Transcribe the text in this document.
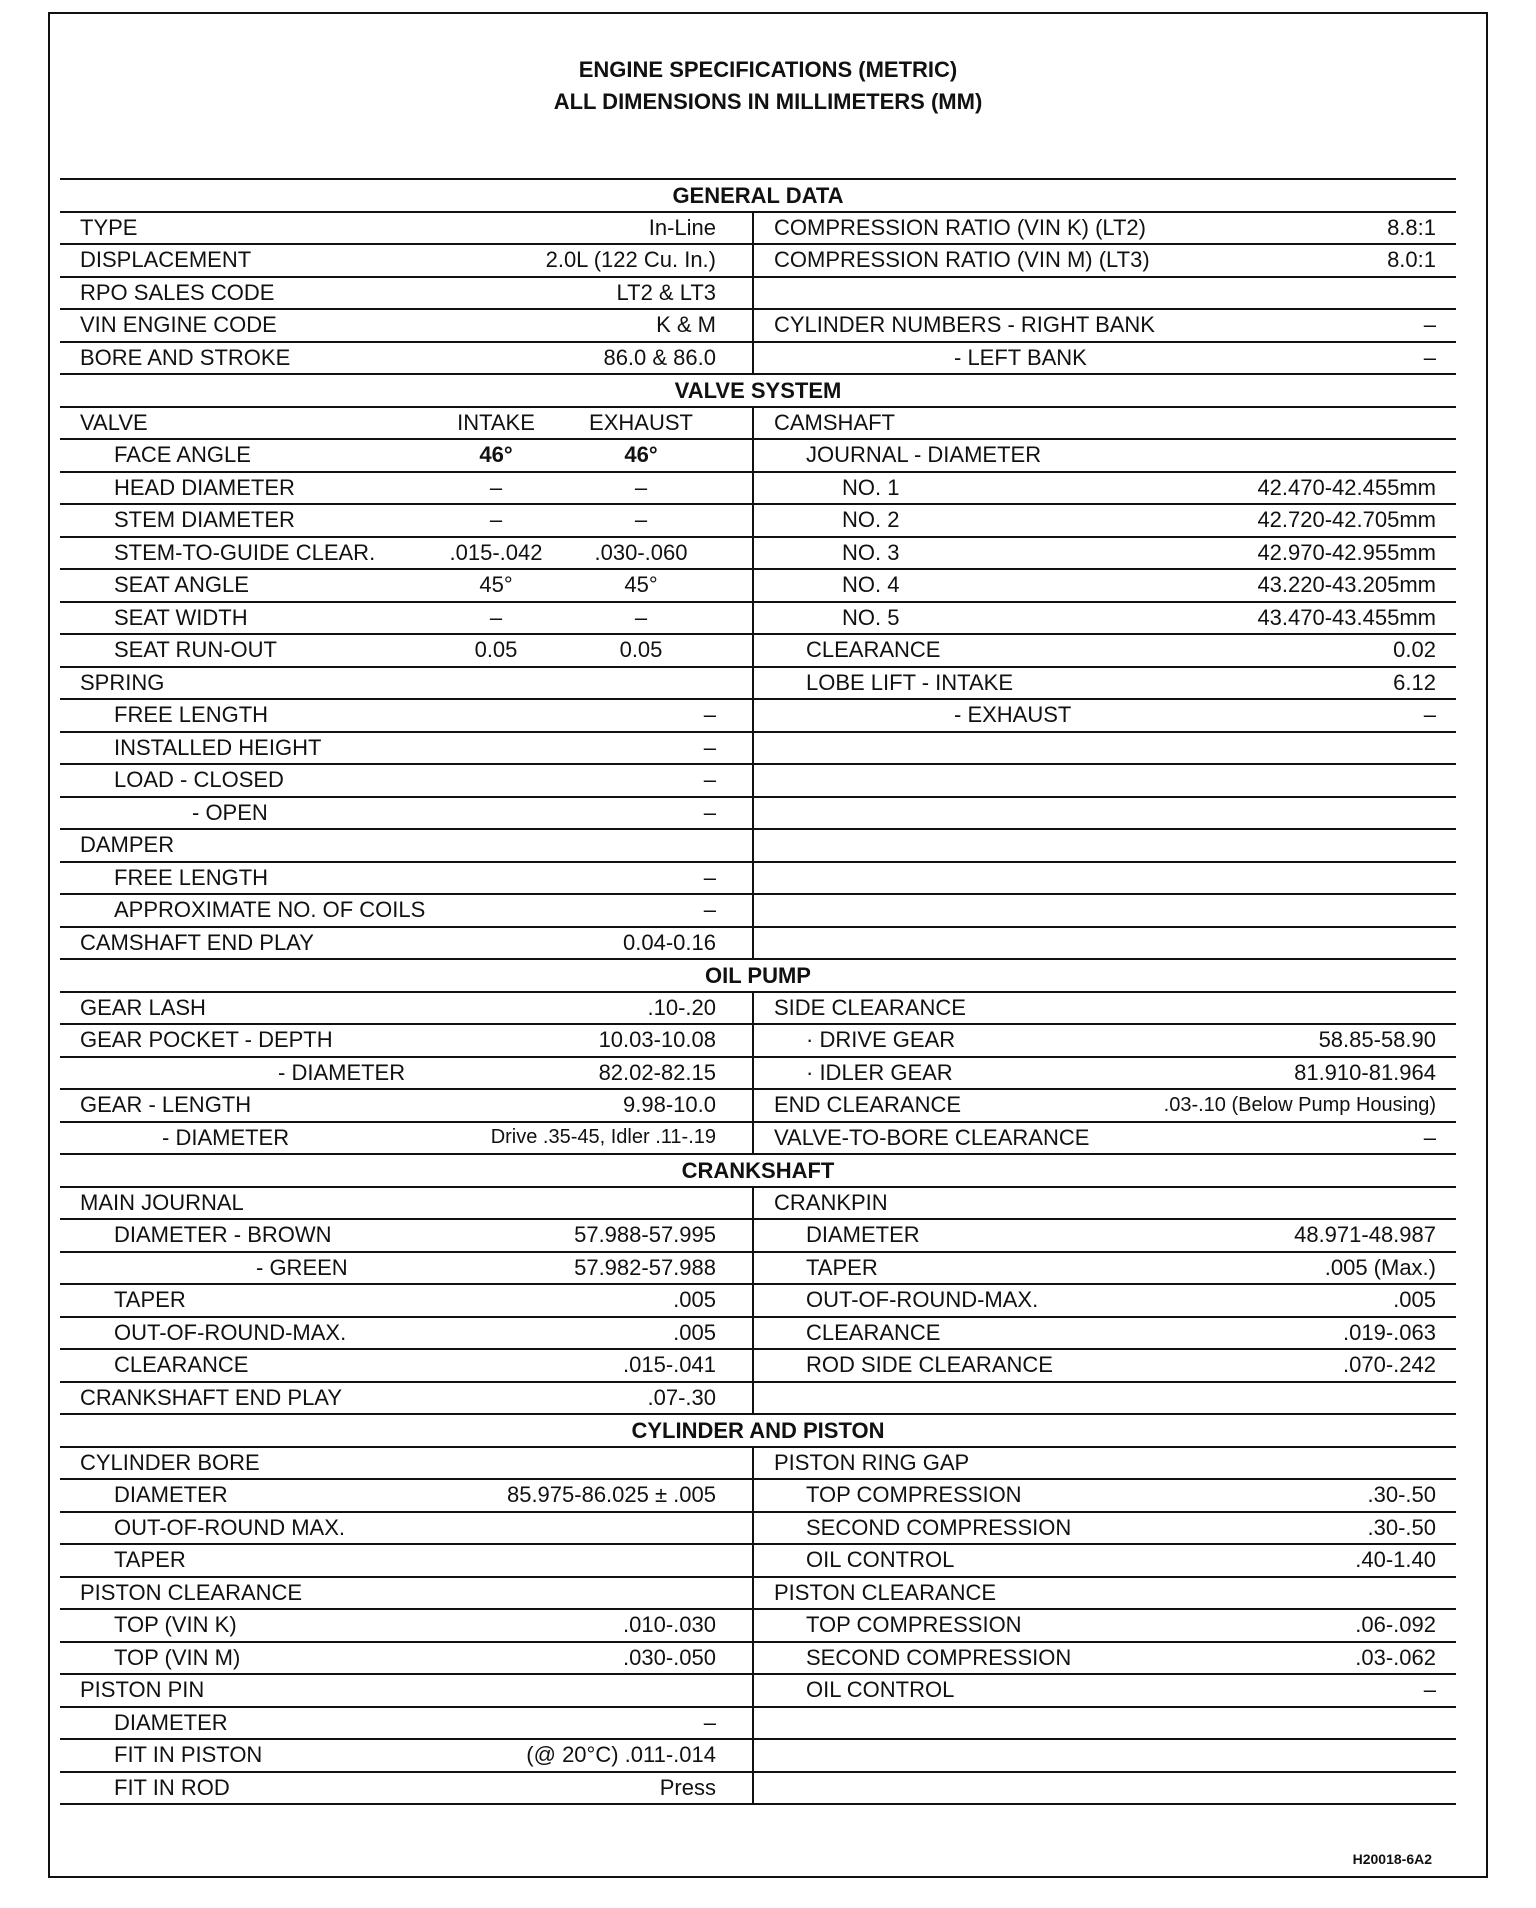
ENGINE SPECIFICATIONS (METRIC)
ALL DIMENSIONS IN MILLIMETERS (MM)
GENERAL DATA
TYPE	In-Line
DISPLACEMENT	2.0L (122 Cu. In.)
RPO SALES CODE	LT2 & LT3
VIN ENGINE CODE	K & M
BORE AND STROKE	86.0 & 86.0
COMPRESSION RATIO (VIN K) (LT2)	8.8:1
COMPRESSION RATIO (VIN M) (LT3)	8.0:1
CYLINDER NUMBERS - RIGHT BANK	–
- LEFT BANK	–
VALVE SYSTEM
VALVE	INTAKE	EXHAUST
FACE ANGLE	46°	46°
HEAD DIAMETER	–	–
STEM DIAMETER	–	–
STEM-TO-GUIDE CLEAR.	.015-.042	.030-.060
SEAT ANGLE	45°	45°
SEAT WIDTH	–	–
SEAT RUN-OUT	0.05	0.05
SPRING
FREE LENGTH	–
INSTALLED HEIGHT	–
LOAD - CLOSED	–
- OPEN	–
DAMPER
FREE LENGTH	–
APPROXIMATE NO. OF COILS	–
CAMSHAFT END PLAY	0.04-0.16
CAMSHAFT
JOURNAL - DIAMETER
NO. 1	42.470-42.455mm
NO. 2	42.720-42.705mm
NO. 3	42.970-42.955mm
NO. 4	43.220-43.205mm
NO. 5	43.470-43.455mm
CLEARANCE	0.02
LOBE LIFT - INTAKE	6.12
- EXHAUST	–
OIL PUMP
GEAR LASH	.10-.20
GEAR POCKET - DEPTH	10.03-10.08
- DIAMETER	82.02-82.15
GEAR - LENGTH	9.98-10.0
- DIAMETER	Drive .35-45, Idler .11-.19
SIDE CLEARANCE
· DRIVE GEAR	58.85-58.90
· IDLER GEAR	81.910-81.964
END CLEARANCE	.03-.10 (Below Pump Housing)
VALVE-TO-BORE CLEARANCE	–
CRANKSHAFT
MAIN JOURNAL
DIAMETER - BROWN	57.988-57.995
- GREEN	57.982-57.988
TAPER	.005
OUT-OF-ROUND-MAX.	.005
CLEARANCE	.015-.041
CRANKSHAFT END PLAY	.07-.30
CRANKPIN
DIAMETER	48.971-48.987
TAPER	.005 (Max.)
OUT-OF-ROUND-MAX.	.005
CLEARANCE	.019-.063
ROD SIDE CLEARANCE	.070-.242
CYLINDER AND PISTON
CYLINDER BORE
DIAMETER	85.975-86.025 ± .005
OUT-OF-ROUND MAX.
TAPER
PISTON CLEARANCE
TOP (VIN K)	.010-.030
TOP (VIN M)	.030-.050
PISTON PIN
DIAMETER	–
FIT IN PISTON	(@ 20°C) .011-.014
FIT IN ROD	Press
PISTON RING GAP
TOP COMPRESSION	.30-.50
SECOND COMPRESSION	.30-.50
OIL CONTROL	.40-1.40
PISTON CLEARANCE
TOP COMPRESSION	.06-.092
SECOND COMPRESSION	.03-.062
OIL CONTROL	–
H20018-6A2
